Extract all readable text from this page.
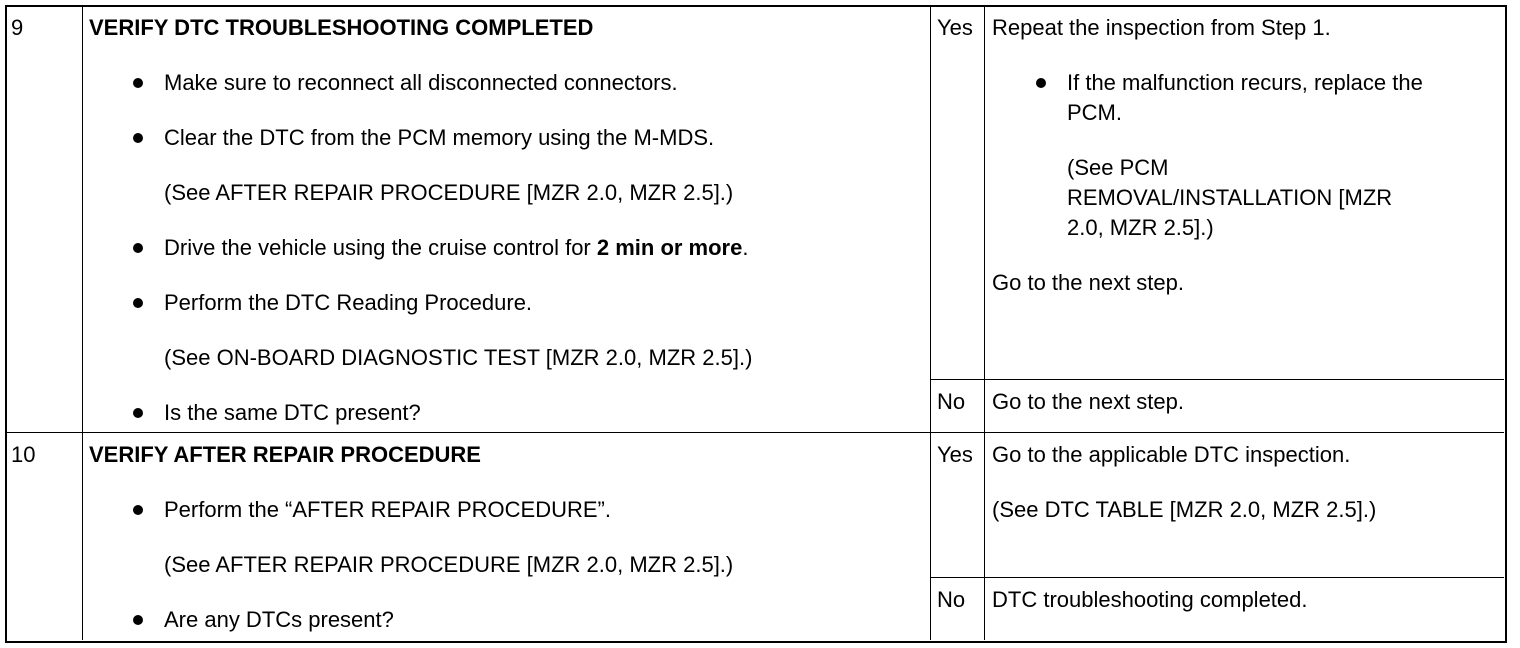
9	VERIFY DTC TROUBLESHOOTING COMPLETED
Make sure to reconnect all disconnected connectors.
Clear the DTC from the PCM memory using the M-MDS.
(See AFTER REPAIR PROCEDURE [MZR 2.0, MZR 2.5].)
Drive the vehicle using the cruise control for 2 min or more.
Perform the DTC Reading Procedure.
(See ON-BOARD DIAGNOSTIC TEST [MZR 2.0, MZR 2.5].)
Is the same DTC present?
Yes Repeat the inspection from Step 1.
If the malfunction recurs, replace the
PCM.
(See PCM
REMOVAL/INSTALLATION [MZR
2.0, MZR 2.5].)
Go to the next step.
No Go to the next step.
10 VERIFY AFTER REPAIR PROCEDURE
Perform the “AFTER REPAIR PROCEDURE”.
(See AFTER REPAIR PROCEDURE [MZR 2.0, MZR 2.5].)
Are any DTCs present?
Yes Go to the applicable DTC inspection.
(See DTC TABLE [MZR 2.0, MZR 2.5].)
No DTC troubleshooting completed.
